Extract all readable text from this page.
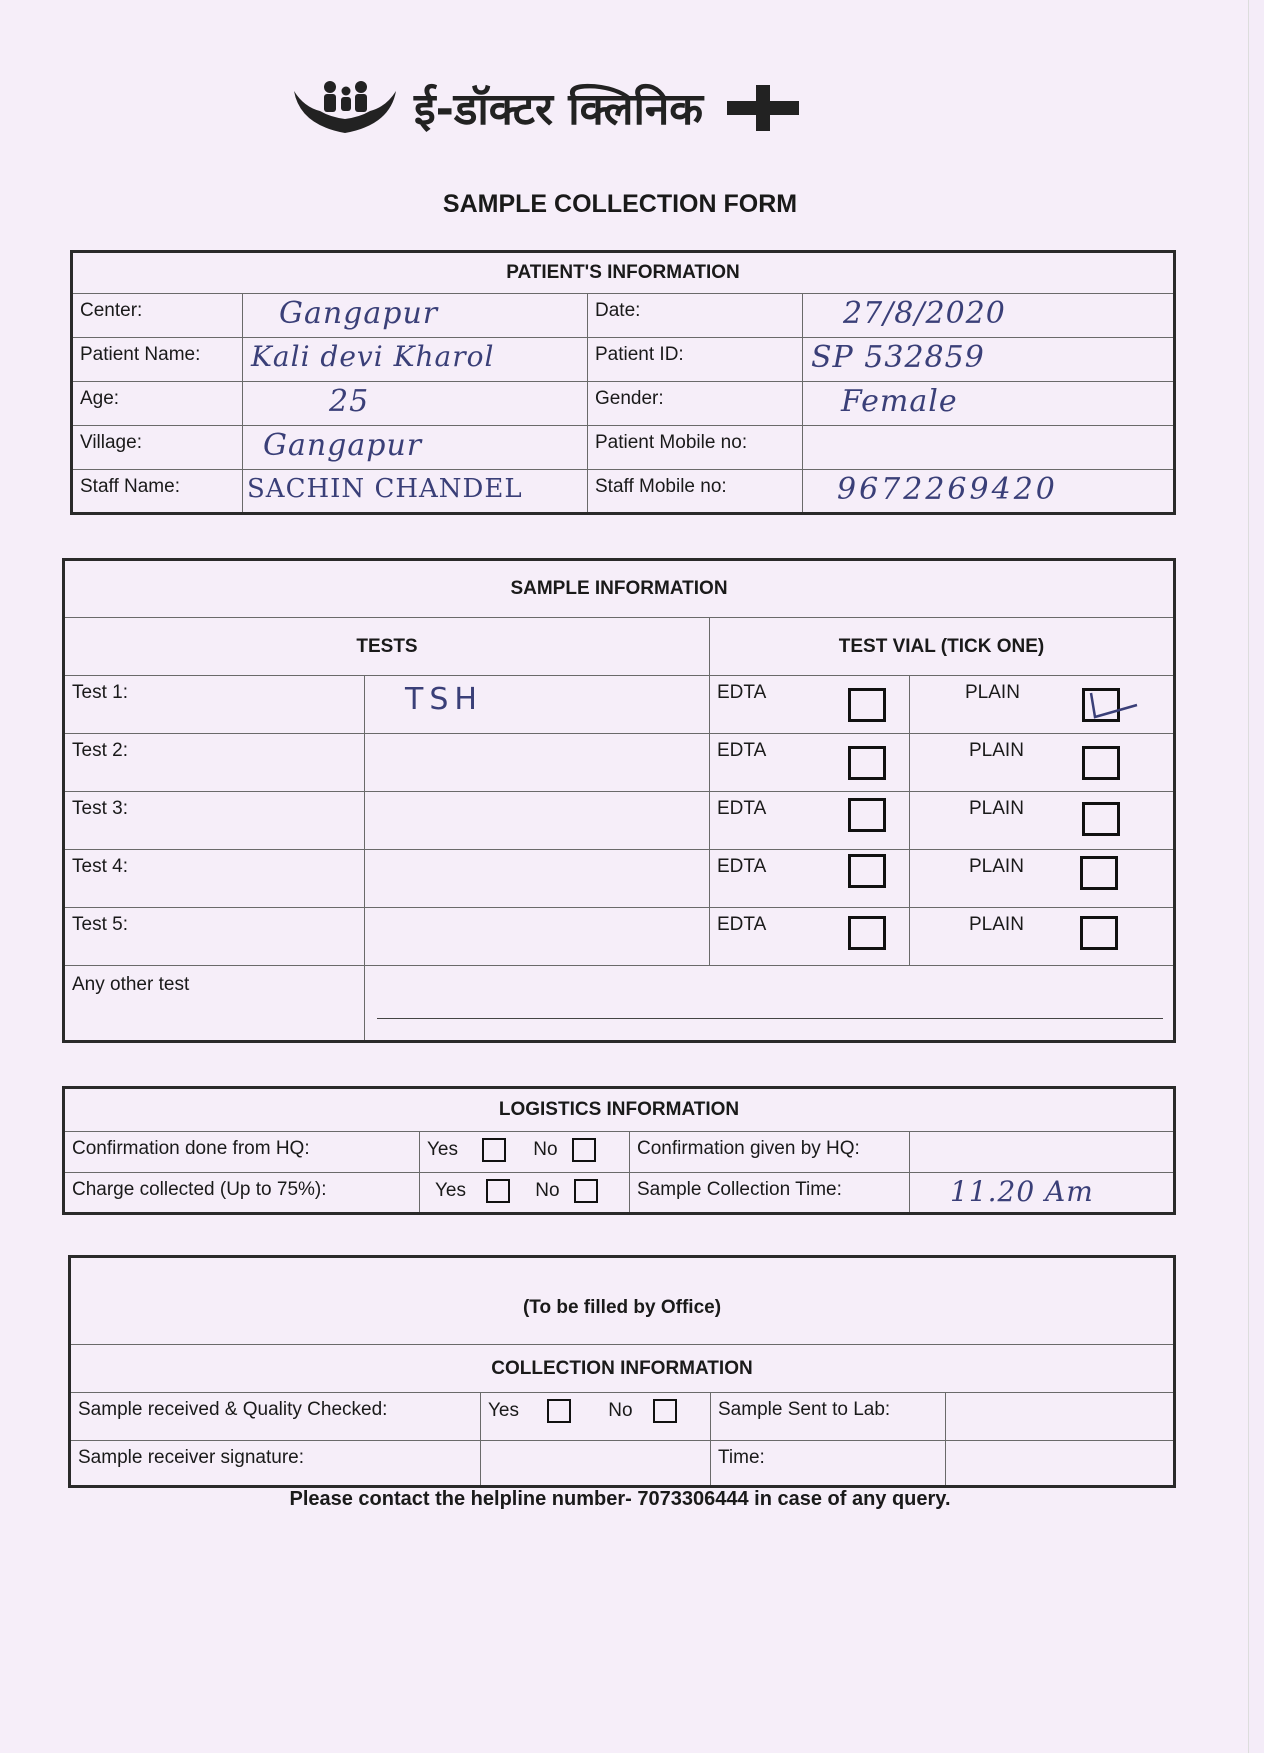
ई-डॉक्टर क्लिनिक
SAMPLE COLLECTION FORM
PATIENT'S INFORMATION			

Center:	Gangapur	Date:	27/8/2020

Patient Name:	Kali devi Kharol	Patient ID:	SP 532859

Age:	25	Gender:	Female

Village:	Gangapur	Patient Mobile no:	

Staff Name:	SACHIN CHANDEL	Staff Mobile no:	9672269420
SAMPLE INFORMATION			
TESTS		TEST VIAL (TICK ONE)	

Test 1:	TSH	EDTA	PLAIN

Test 2:		EDTA	PLAIN

Test 3:		EDTA	PLAIN

Test 4:		EDTA	PLAIN

Test 5:		EDTA	PLAIN

Any other test			

LOGISTICS INFORMATION			

Confirmation done from HQ:	Yes No	Confirmation given by HQ:	

Charge collected (Up to 75%):	Yes No	Sample Collection Time:	11.20 Am
(To be filled by Office)			
COLLECTION INFORMATION			

Sample received & Quality Checked:	Yes No	Sample Sent to Lab:	

Sample receiver signature:		Time:	

Please contact the helpline number- 7073306444 in case of any query.
